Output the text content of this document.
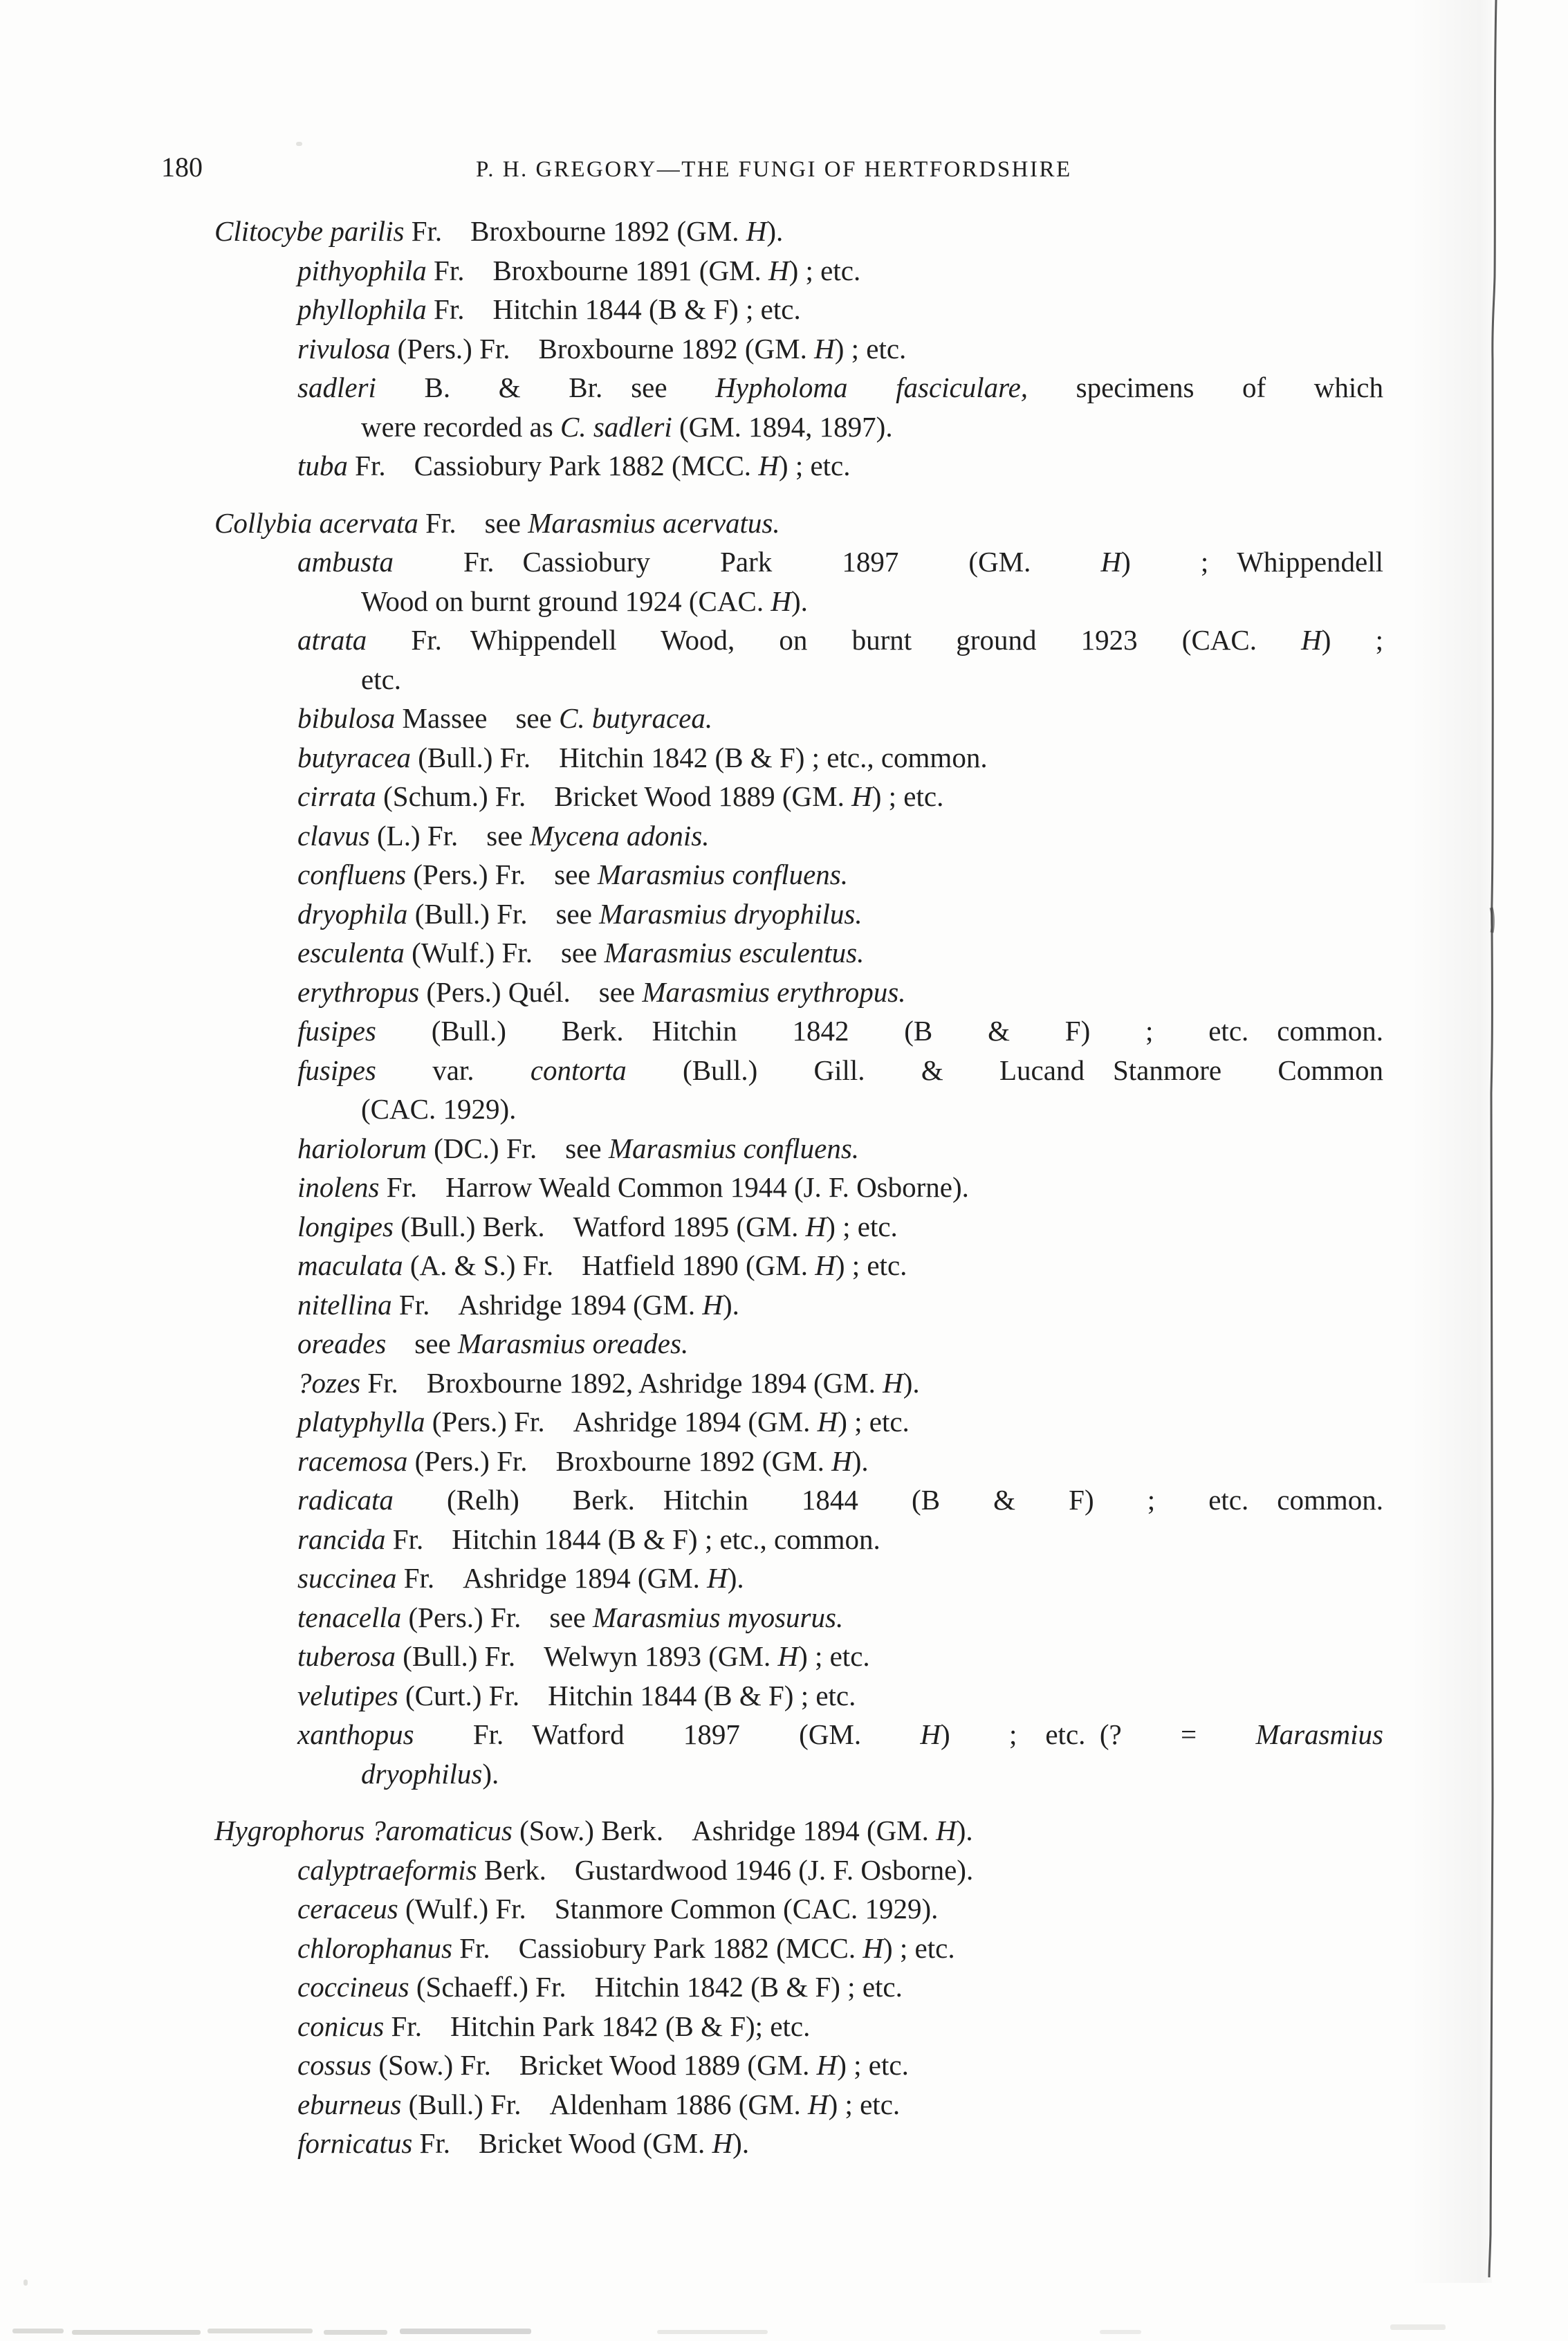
180	P. H. GREGORY—THE FUNGI OF HERTFORDSHIRE
Clitocybe parilis Fr. Broxbourne 1892 (GM. H).
pithyophila Fr. Broxbourne 1891 (GM. H) ; etc.
phyllophila Fr. Hitchin 1844 (B & F) ; etc.
rivulosa (Pers.) Fr. Broxbourne 1892 (GM. H) ; etc.
sadleri B. & Br. see Hypholoma fasciculare, specimens of which
were recorded as C. sadleri (GM. 1894, 1897).
tuba Fr. Cassiobury Park 1882 (MCC. H) ; etc.
Collybia acervata Fr. see Marasmius acervatus.
ambusta Fr. Cassiobury Park 1897 (GM. H) ; Whippendell
Wood on burnt ground 1924 (CAC. H).
atrata Fr. Whippendell Wood, on burnt ground 1923 (CAC. H) ;
etc.
bibulosa Massee see C. butyracea.
butyracea (Bull.) Fr. Hitchin 1842 (B & F) ; etc., common.
cirrata (Schum.) Fr. Bricket Wood 1889 (GM. H) ; etc.
clavus (L.) Fr. see Mycena adonis.
confluens (Pers.) Fr. see Marasmius confluens.
dryophila (Bull.) Fr. see Marasmius dryophilus.
esculenta (Wulf.) Fr. see Marasmius esculentus.
erythropus (Pers.) Quél. see Marasmius erythropus.
fusipes (Bull.) Berk. Hitchin 1842 (B & F) ; etc. common.
fusipes var. contorta (Bull.) Gill. & Lucand Stanmore Common
(CAC. 1929).
hariolorum (DC.) Fr. see Marasmius confluens.
inolens Fr. Harrow Weald Common 1944 (J. F. Osborne).
longipes (Bull.) Berk. Watford 1895 (GM. H) ; etc.
maculata (A. & S.) Fr. Hatfield 1890 (GM. H) ; etc.
nitellina Fr. Ashridge 1894 (GM. H).
oreades see Marasmius oreades.
?ozes Fr. Broxbourne 1892, Ashridge 1894 (GM. H).
platyphylla (Pers.) Fr. Ashridge 1894 (GM. H) ; etc.
racemosa (Pers.) Fr. Broxbourne 1892 (GM. H).
radicata (Relh) Berk. Hitchin 1844 (B & F) ; etc. common.
rancida Fr. Hitchin 1844 (B & F) ; etc., common.
succinea Fr. Ashridge 1894 (GM. H).
tenacella (Pers.) Fr. see Marasmius myosurus.
tuberosa (Bull.) Fr. Welwyn 1893 (GM. H) ; etc.
velutipes (Curt.) Fr. Hitchin 1844 (B & F) ; etc.
xanthopus Fr. Watford 1897 (GM. H) ; etc. (? = Marasmius
dryophilus).
Hygrophorus ?aromaticus (Sow.) Berk. Ashridge 1894 (GM. H).
calyptraeformis Berk. Gustardwood 1946 (J. F. Osborne).
ceraceus (Wulf.) Fr. Stanmore Common (CAC. 1929).
chlorophanus Fr. Cassiobury Park 1882 (MCC. H) ; etc.
coccineus (Schaeff.) Fr. Hitchin 1842 (B & F) ; etc.
conicus Fr. Hitchin Park 1842 (B & F); etc.
cossus (Sow.) Fr. Bricket Wood 1889 (GM. H) ; etc.
eburneus (Bull.) Fr. Aldenham 1886 (GM. H) ; etc.
fornicatus Fr. Bricket Wood (GM. H).
